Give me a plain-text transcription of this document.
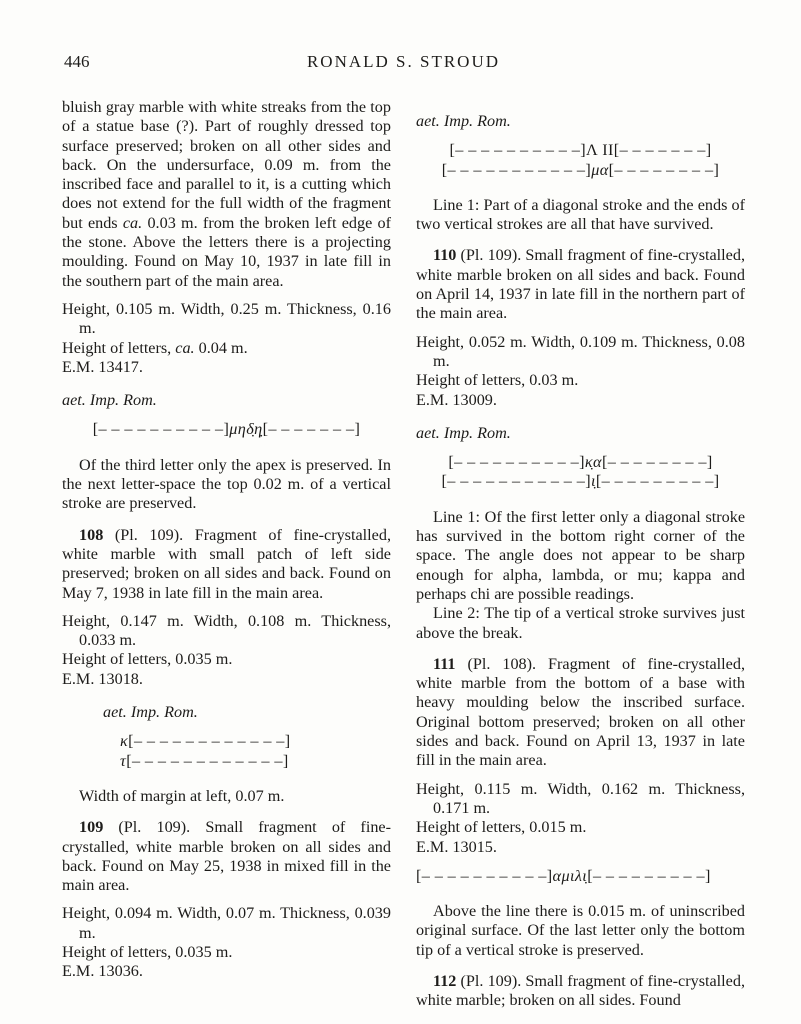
446	RONALD S. STROUD
bluish gray marble with white streaks from the top of a statue base (?). Part of roughly dressed top surface preserved; broken on all other sides and back. On the undersurface, 0.09 m. from the inscribed face and parallel to it, is a cutting which does not extend for the full width of the fragment but ends ca. 0.03 m. from the broken left edge of the stone. Above the letters there is a projecting moulding. Found on May 10, 1937 in late fill in the southern part of the main area.
Height, 0.105 m. Width, 0.25 m. Thickness, 0.16 m.
Height of letters, ca. 0.04 m.
E.M. 13417.
aet. Imp. Rom.
[– – – – – – – – – –]μηδ̣η̣[– – – – – – –]
Of the third letter only the apex is preserved. In the next letter-space the top 0.02 m. of a vertical stroke are preserved.
108 (Pl. 109). Fragment of fine-crystalled, white marble with small patch of left side preserved; broken on all sides and back. Found on May 7, 1938 in late fill in the main area.
Height, 0.147 m. Width, 0.108 m. Thickness, 0.033 m.
Height of letters, 0.035 m.
E.M. 13018.
aet. Imp. Rom.
κ[– – – – – – – – – – – –]
τ[– – – – – – – – – – – –]
Width of margin at left, 0.07 m.
109 (Pl. 109). Small fragment of fine-crystalled, white marble broken on all sides and back. Found on May 25, 1938 in mixed fill in the main area.
Height, 0.094 m. Width, 0.07 m. Thickness, 0.039 m.
Height of letters, 0.035 m.
E.M. 13036.
aet. Imp. Rom.
[– – – – – – – – – –]Λ ΙΙ[– – – – – – –]
[– – – – – – – – – – –]μα[– – – – – – – –]
Line 1: Part of a diagonal stroke and the ends of two vertical strokes are all that have survived.
110 (Pl. 109). Small fragment of fine-crystalled, white marble broken on all sides and back. Found on April 14, 1937 in late fill in the northern part of the main area.
Height, 0.052 m. Width, 0.109 m. Thickness, 0.08 m.
Height of letters, 0.03 m.
E.M. 13009.
aet. Imp. Rom.
[– – – – – – – – – –]κ̣α[– – – – – – – –]
[– – – – – – – – – – –]ι̣[– – – – – – – – –]
Line 1: Of the first letter only a diagonal stroke has survived in the bottom right corner of the space. The angle does not appear to be sharp enough for alpha, lambda, or mu; kappa and perhaps chi are possible readings.
Line 2: The tip of a vertical stroke survives just above the break.
111 (Pl. 108). Fragment of fine-crystalled, white marble from the bottom of a base with heavy moulding below the inscribed surface. Original bottom preserved; broken on all other sides and back. Found on April 13, 1937 in late fill in the main area.
Height, 0.115 m. Width, 0.162 m. Thickness, 0.171 m.
Height of letters, 0.015 m.
E.M. 13015.
[– – – – – – – – – –]αμιλι̣[– – – – – – – – –]
Above the line there is 0.015 m. of uninscribed original surface. Of the last letter only the bottom tip of a vertical stroke is preserved.
112 (Pl. 109). Small fragment of fine-crystalled, white marble; broken on all sides. Found
